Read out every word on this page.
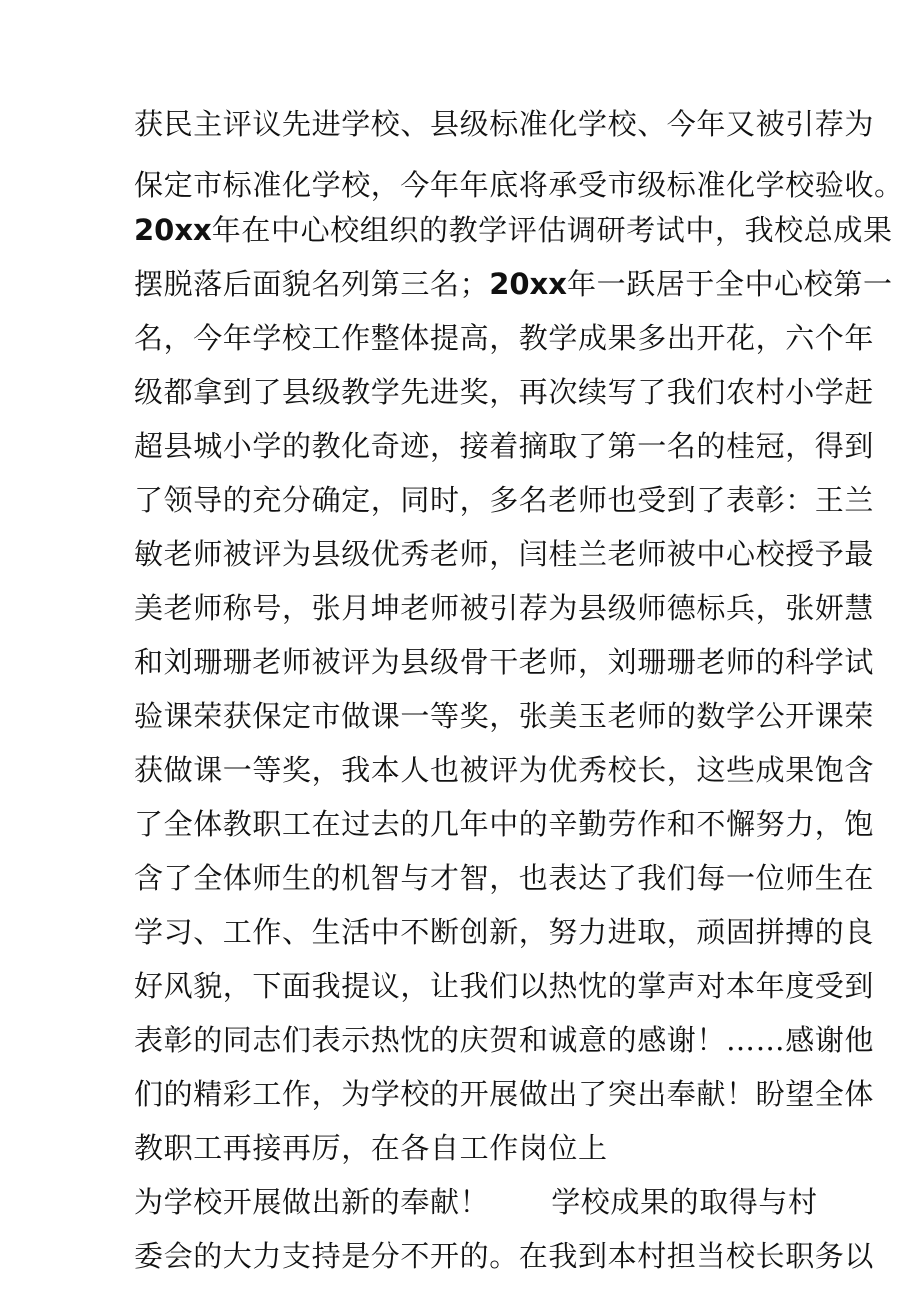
获民主评议先进学校、县级标准化学校、今年又被引荐为
保定市标准化学校，今年年底将承受市级标准化学校验收。
20xx年在中心校组织的教学评估调研考试中，我校总成果
摆脱落后面貌名列第三名；20xx年一跃居于全中心校第一
名，今年学校工作整体提高，教学成果多出开花，六个年
级都拿到了县级教学先进奖，再次续写了我们农村小学赶
超县城小学的教化奇迹，接着摘取了第一名的桂冠，得到
了领导的充分确定，同时，多名老师也受到了表彰：王兰
敏老师被评为县级优秀老师，闫桂兰老师被中心校授予最
美老师称号，张月坤老师被引荐为县级师德标兵，张妍慧
和刘珊珊老师被评为县级骨干老师，刘珊珊老师的科学试
验课荣获保定市做课一等奖，张美玉老师的数学公开课荣
获做课一等奖，我本人也被评为优秀校长，这些成果饱含
了全体教职工在过去的几年中的辛勤劳作和不懈努力，饱
含了全体师生的机智与才智，也表达了我们每一位师生在
学习、工作、生活中不断创新，努力进取，顽固拼搏的良
好风貌，下面我提议，让我们以热忱的掌声对本年度受到
表彰的同志们表示热忱的庆贺和诚意的感谢！……感谢他
们的精彩工作，为学校的开展做出了突出奉献！盼望全体
教职工再接再厉，在各自工作岗位上
为学校开展做出新的奉献！ 学校成果的取得与村
委会的大力支持是分不开的。在我到本村担当校长职务以
